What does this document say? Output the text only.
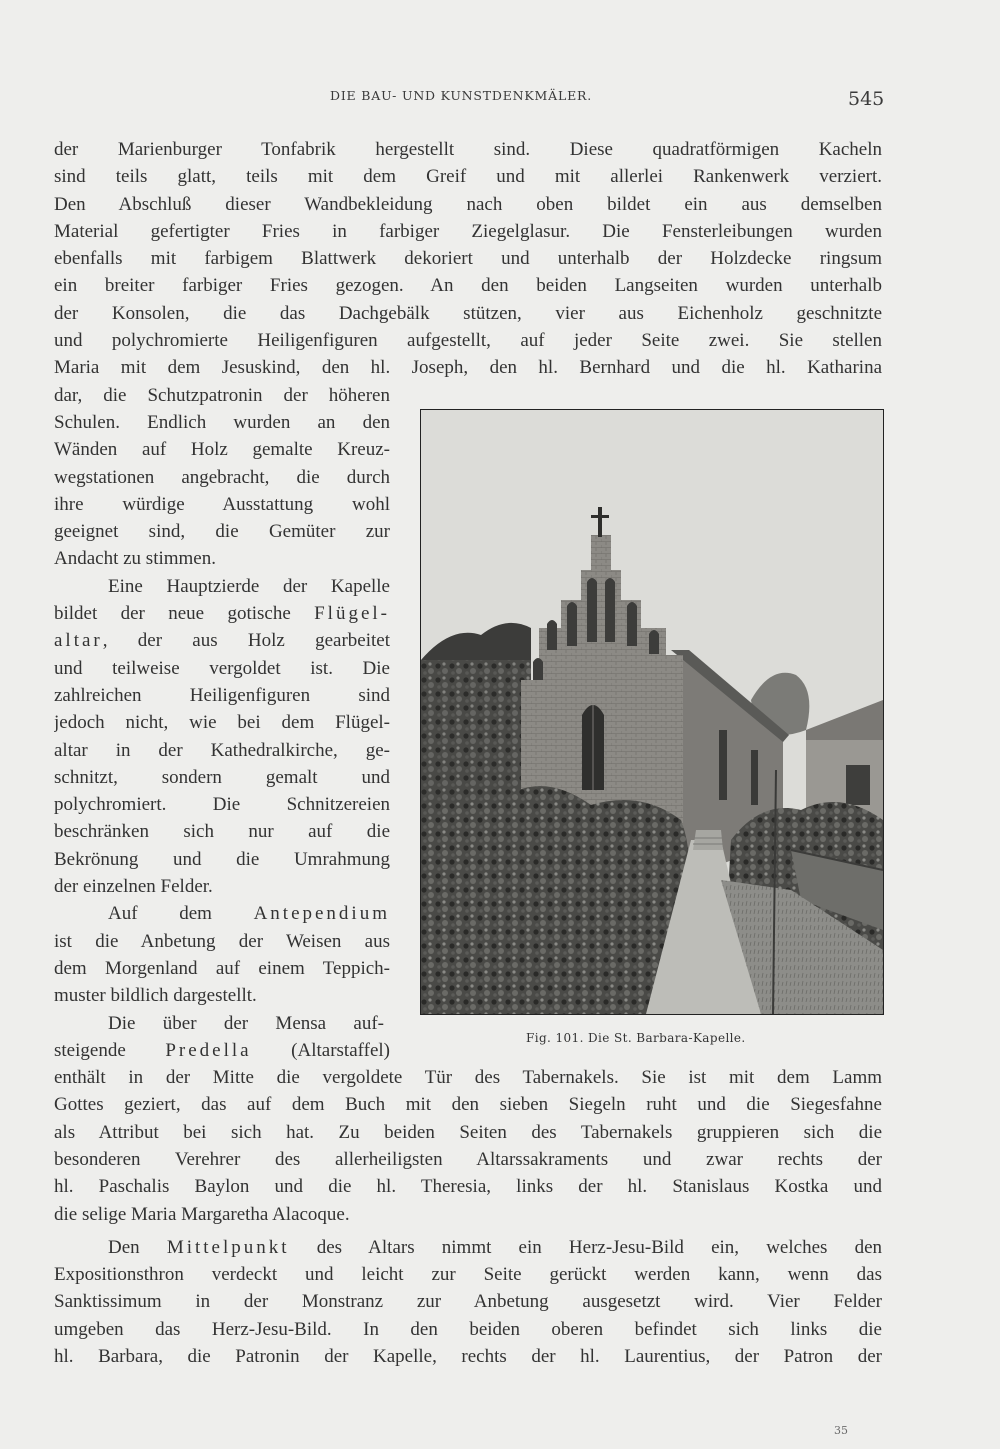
DIE BAU- UND KUNSTDENKMÄLER.	545
der Marienburger Tonfabrik hergestellt sind. Diese quadratförmigen Kacheln
sind teils glatt, teils mit dem Greif und mit allerlei Rankenwerk verziert.
Den Abschluß dieser Wandbekleidung nach oben bildet ein aus demselben
Material gefertigter Fries in farbiger Ziegelglasur. Die Fensterleibungen wurden
ebenfalls mit farbigem Blattwerk dekoriert und unterhalb der Holzdecke ringsum
ein breiter farbiger Fries gezogen. An den beiden Langseiten wurden unterhalb
der Konsolen, die das Dachgebälk stützen, vier aus Eichenholz geschnitzte
und polychromierte Heiligenfiguren aufgestellt, auf jeder Seite zwei. Sie stellen
Maria mit dem Jesuskind, den hl. Joseph, den hl. Bernhard und die hl. Katharina
dar, die Schutzpatronin der höheren
Schulen. Endlich wurden an den
Wänden auf Holz gemalte Kreuz-
wegstationen angebracht, die durch
ihre würdige Ausstattung wohl
geeignet sind, die Gemüter zur
Andacht zu stimmen.
Eine Hauptzierde der Kapelle
bildet der neue gotische Flügel-
altar, der aus Holz gearbeitet
und teilweise vergoldet ist. Die
zahlreichen Heiligenfiguren sind
jedoch nicht, wie bei dem Flügel-
altar in der Kathedralkirche, ge-
schnitzt, sondern gemalt und
polychromiert. Die Schnitzereien
beschränken sich nur auf die
Bekrönung und die Umrahmung
der einzelnen Felder.
Auf dem Antependium
ist die Anbetung der Weisen aus
dem Morgenland auf einem Teppich-
muster bildlich dargestellt.
Die über der Mensa auf-
steigende Predella (Altarstaffel)
enthält in der Mitte die vergoldete Tür des Tabernakels. Sie ist mit dem Lamm
Gottes geziert, das auf dem Buch mit den sieben Siegeln ruht und die Siegesfahne
als Attribut bei sich hat. Zu beiden Seiten des Tabernakels gruppieren sich die
besonderen Verehrer des allerheiligsten Altarssakraments und zwar rechts der
hl. Paschalis Baylon und die hl. Theresia, links der hl. Stanislaus Kostka und
die selige Maria Margaretha Alacoque.
Den Mittelpunkt des Altars nimmt ein Herz-Jesu-Bild ein, welches den
Expositionsthron verdeckt und leicht zur Seite gerückt werden kann, wenn das
Sanktissimum in der Monstranz zur Anbetung ausgesetzt wird. Vier Felder
umgeben das Herz-Jesu-Bild. In den beiden oberen befindet sich links die
hl. Barbara, die Patronin der Kapelle, rechts der hl. Laurentius, der Patron der
Fig. 101. Die St. Barbara-Kapelle.
35
